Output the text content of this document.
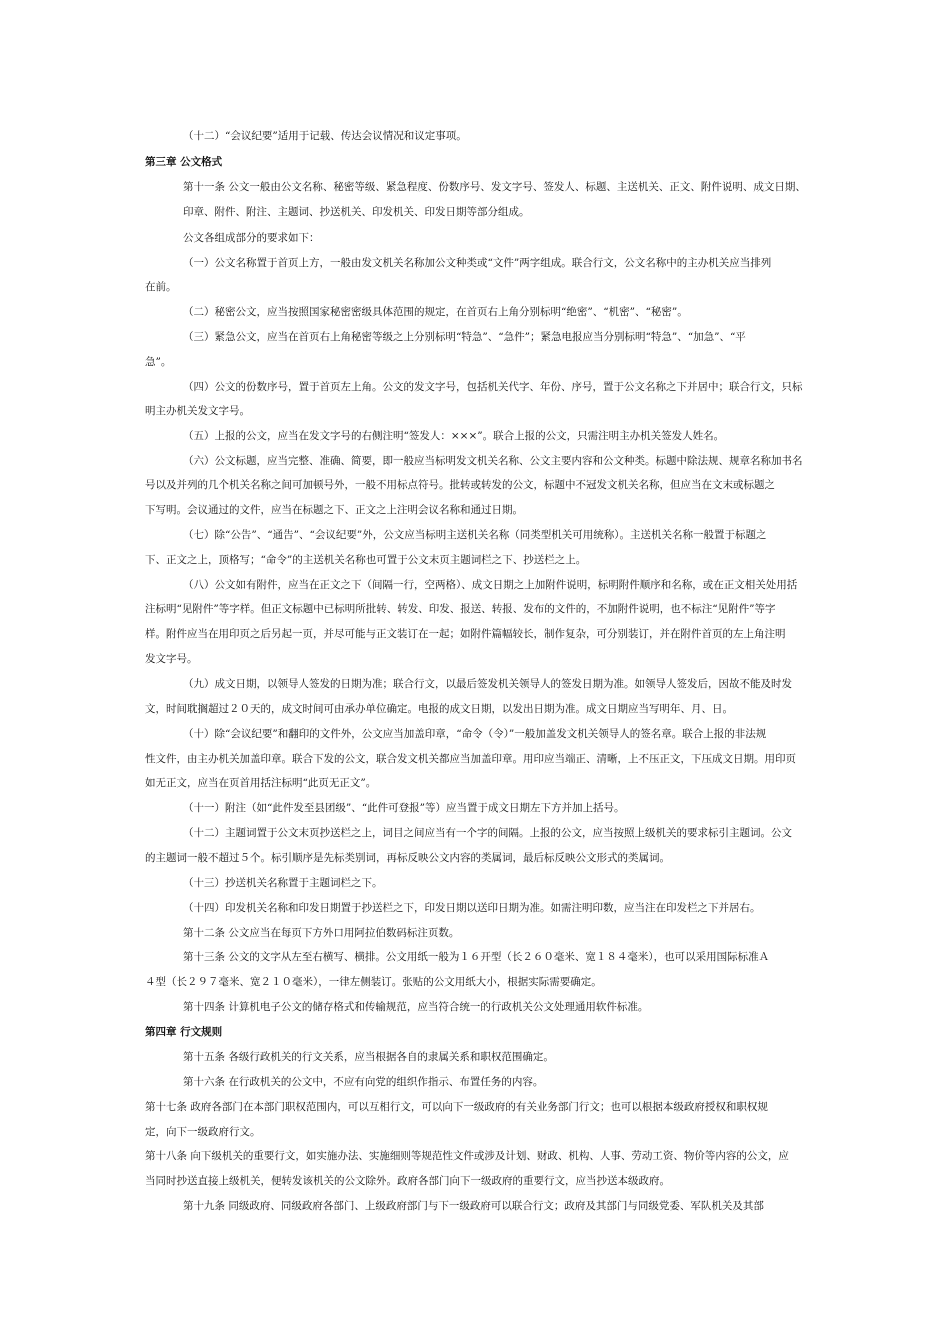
（十二）“会议纪要”适用于记载、传达会议情况和议定事项。
第三章 公文格式
第十一条 公文一般由公文名称、秘密等级、紧急程度、份数序号、发文字号、签发人、标题、主送机关、正文、附件说明、成文日期、
印章、附件、附注、主题词、抄送机关、印发机关、印发日期等部分组成。
公文各组成部分的要求如下：
（一）公文名称置于首页上方，一般由发文机关名称加公文种类或“文件”两字组成。联合行文，公文名称中的主办机关应当排列
在前。
（二）秘密公文，应当按照国家秘密密级具体范围的规定，在首页右上角分别标明“绝密”、“机密”、“秘密”。
（三）紧急公文，应当在首页右上角秘密等级之上分别标明“特急”、“急件”；紧急电报应当分别标明“特急”、“加急”、“平
急”。
（四）公文的份数序号，置于首页左上角。公文的发文字号，包括机关代字、年份、序号，置于公文名称之下并居中；联合行文，只标
明主办机关发文字号。
（五）上报的公文，应当在发文字号的右侧注明“签发人：×××”。联合上报的公文，只需注明主办机关签发人姓名。
（六）公文标题，应当完整、准确、简要，即一般应当标明发文机关名称、公文主要内容和公文种类。标题中除法规、规章名称加书名
号以及并列的几个机关名称之间可加顿号外，一般不用标点符号。批转或转发的公文，标题中不冠发文机关名称，但应当在文末或标题之
下写明。会议通过的文件，应当在标题之下、正文之上注明会议名称和通过日期。
（七）除“公告”、“通告”、“会议纪要”外，公文应当标明主送机关名称（同类型机关可用统称）。主送机关名称一般置于标题之
下、正文之上，顶格写；“命令”的主送机关名称也可置于公文末页主题词栏之下、抄送栏之上。
（八）公文如有附件，应当在正文之下（间隔一行，空两格）、成文日期之上加附件说明，标明附件顺序和名称，或在正文相关处用括
注标明“见附件”等字样。但正文标题中已标明所批转、转发、印发、报送、转报、发布的文件的，不加附件说明，也不标注“见附件”等字
样。附件应当在用印页之后另起一页，并尽可能与正文装订在一起；如附件篇幅较长，制作复杂，可分别装订，并在附件首页的左上角注明
发文字号。
（九）成文日期，以领导人签发的日期为准；联合行文，以最后签发机关领导人的签发日期为准。如领导人签发后，因故不能及时发
文，时间耽搁超过２０天的，成文时间可由承办单位确定。电报的成文日期，以发出日期为准。成文日期应当写明年、月、日。
（十）除“会议纪要”和翻印的文件外，公文应当加盖印章，“命令（令）”一般加盖发文机关领导人的签名章。联合上报的非法规
性文件，由主办机关加盖印章。联合下发的公文，联合发文机关都应当加盖印章。用印应当端正、清晰，上不压正文，下压成文日期。用印页
如无正文，应当在页首用括注标明“此页无正文”。
（十一）附注（如“此件发至县团级”、“此件可登报”等）应当置于成文日期左下方并加上括号。
（十二）主题词置于公文末页抄送栏之上，词目之间应当有一个字的间隔。上报的公文，应当按照上级机关的要求标引主题词。公文
的主题词一般不超过５个。标引顺序是先标类别词，再标反映公文内容的类属词，最后标反映公文形式的类属词。
（十三）抄送机关名称置于主题词栏之下。
（十四）印发机关名称和印发日期置于抄送栏之下，印发日期以送印日期为准。如需注明印数，应当注在印发栏之下并居右。
第十二条 公文应当在每页下方外口用阿拉伯数码标注页数。
第十三条 公文的文字从左至右横写、横排。公文用纸一般为１６开型（长２６０毫米、宽１８４毫米），也可以采用国际标准Ａ
４型（长２９７毫米、宽２１０毫米），一律左侧装订。张贴的公文用纸大小，根据实际需要确定。
第十四条 计算机电子公文的储存格式和传输规范，应当符合统一的行政机关公文处理通用软件标准。
第四章 行文规则
第十五条 各级行政机关的行文关系，应当根据各自的隶属关系和职权范围确定。
第十六条 在行政机关的公文中，不应有向党的组织作指示、布置任务的内容。
第十七条 政府各部门在本部门职权范围内，可以互相行文，可以向下一级政府的有关业务部门行文；也可以根据本级政府授权和职权规
定，向下一级政府行文。
第十八条 向下级机关的重要行文，如实施办法、实施细则等规范性文件或涉及计划、财政、机构、人事、劳动工资、物价等内容的公文，应
当同时抄送直接上级机关，便转发该机关的公文除外。政府各部门向下一级政府的重要行文，应当抄送本级政府。
第十九条 同级政府、同级政府各部门、上级政府部门与下一级政府可以联合行文；政府及其部门与同级党委、军队机关及其部
